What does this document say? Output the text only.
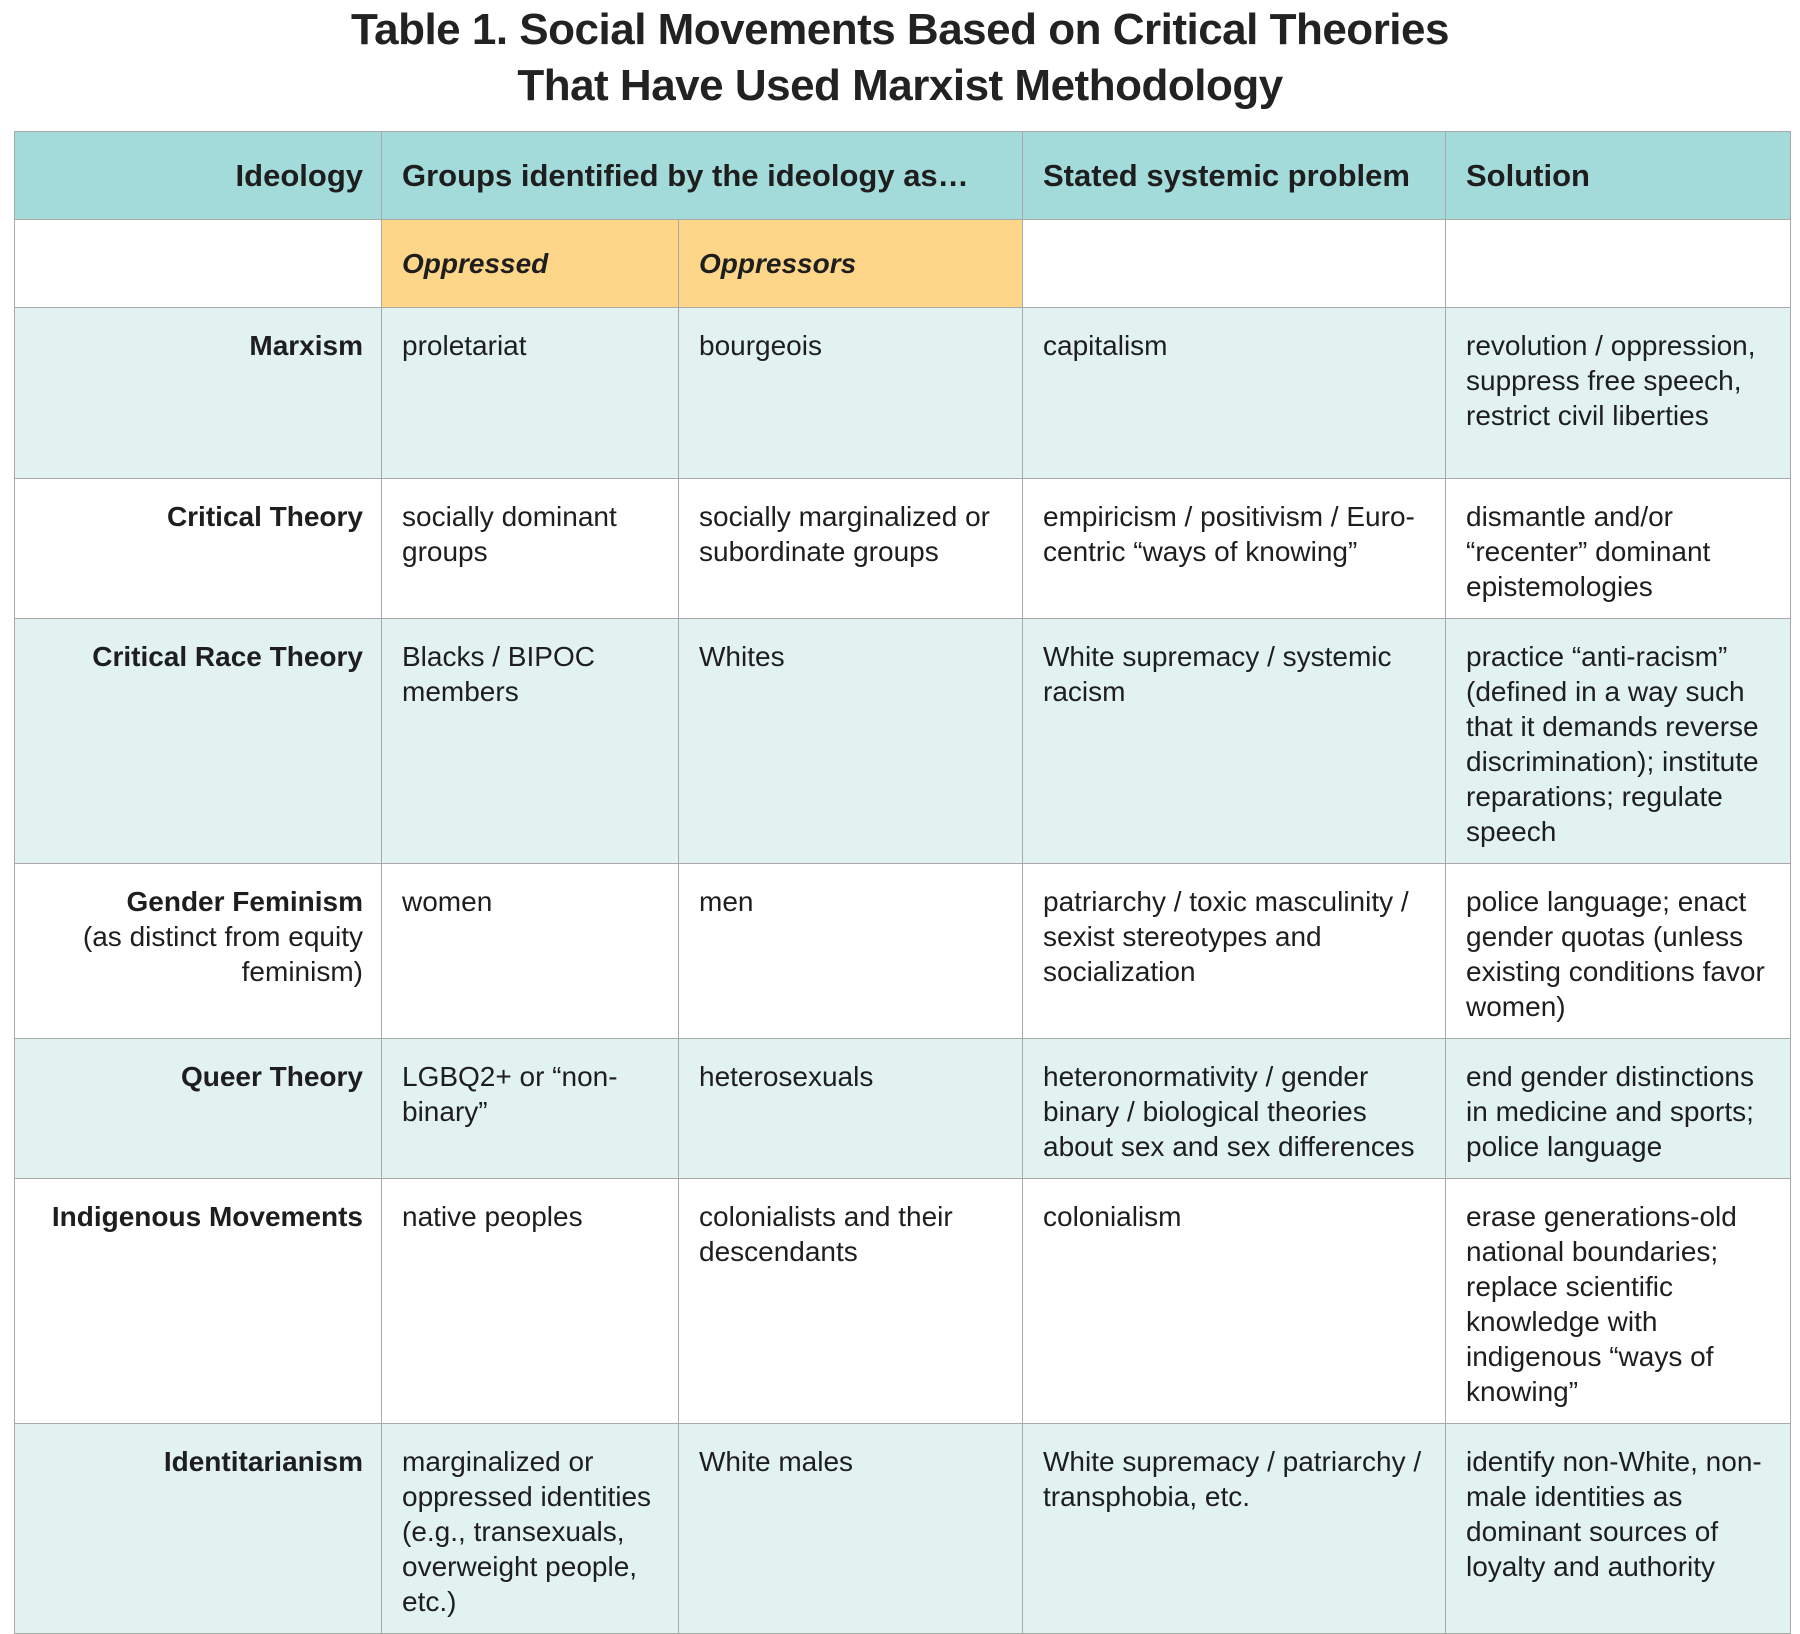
Table 1. Social Movements Based on Critical Theories
That Have Used Marxist Methodology
Ideology	Groups identified by the ideology as…		Stated systemic problem	Solution
	Oppressed	Oppressors		
Marxism	proletariat	bourgeois	capitalism	revolution / oppression, suppress free speech, restrict civil liberties
Critical Theory	socially dominant groups	socially marginalized or subordinate groups	empiricism / positivism / Euro-centric “ways of knowing”	dismantle and/or “recenter” dominant epistemologies
Critical Race Theory	Blacks / BIPOC members	Whites	White supremacy / systemic racism	practice “anti-racism” (defined in a way such that it demands reverse discrimination); institute reparations; regulate speech
Gender Feminism
(as distinct from equity feminism)	women	men	patriarchy / toxic masculinity / sexist stereotypes and socialization	police language; enact gender quotas (unless existing conditions favor women)
Queer Theory	LGBQ2+ or “non-binary”	heterosexuals	heteronormativity / gender binary / biological theories about sex and sex differences	end gender distinctions in medicine and sports; police language
Indigenous Movements	native peoples	colonialists and their descendants	colonialism	erase generations-old national boundaries; replace scientific knowledge with indigenous “ways of knowing”
Identitarianism	marginalized or oppressed identities (e.g., transexuals, overweight people, etc.)	White males	White supremacy / patriarchy / transphobia, etc.	identify non-White, non-male identities as dominant sources of loyalty and authority
